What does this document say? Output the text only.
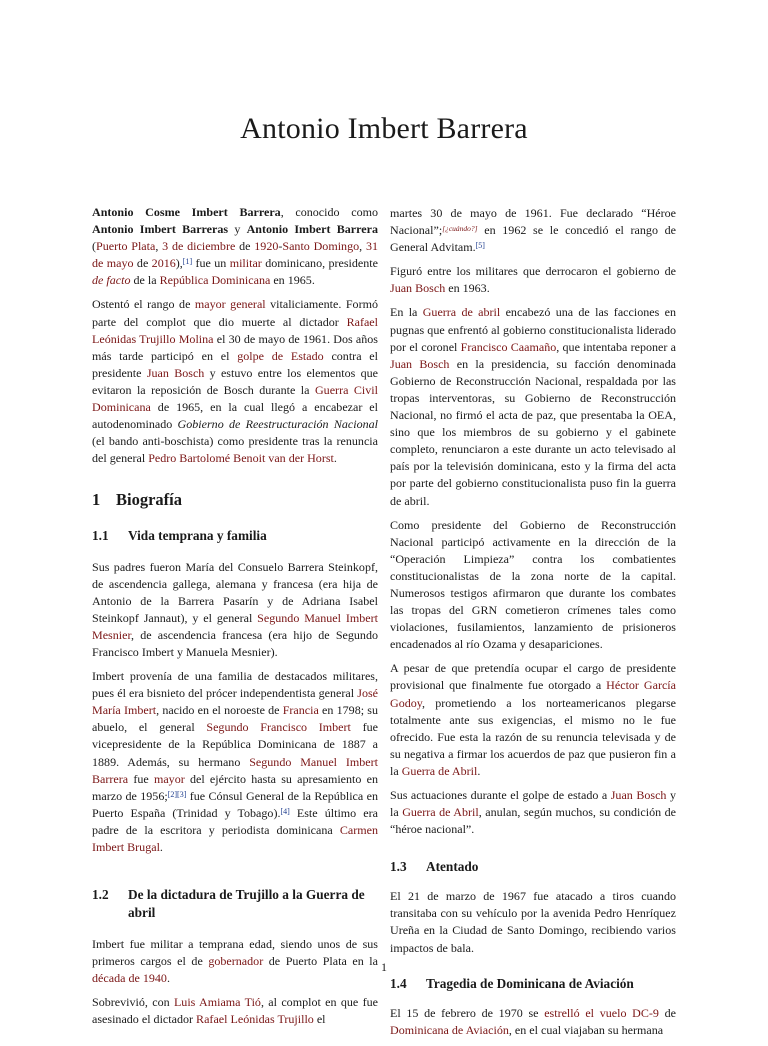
Antonio Imbert Barrera

Antonio Cosme Imbert Barrera, conocido como Antonio Imbert Barreras y Antonio Imbert Barrera (Puerto Plata, 3 de diciembre de 1920-Santo Domingo, 31 de mayo de 2016),[1] fue un militar dominicano, presidente de facto de la República Dominicana en 1965.

Ostentó el rango de mayor general vitaliciamente. Formó parte del complot que dio muerte al dictador Rafael Leónidas Trujillo Molina el 30 de mayo de 1961. Dos años más tarde participó en el golpe de Estado contra el presidente Juan Bosch y estuvo entre los elementos que evitaron la reposición de Bosch durante la Guerra Civil Dominicana de 1965, en la cual llegó a encabezar el autodenominado Gobierno de Reestructuración Nacional (el bando anti-boschista) como presidente tras la renuncia del general Pedro Bartolomé Benoit van der Horst.

1 Biografía
1.1 Vida temprana y familia

Sus padres fueron María del Consuelo Barrera Steinkopf, de ascendencia gallega, alemana y francesa (era hija de Antonio de la Barrera Pasarín y de Adriana Isabel Steinkopf Jannaut), y el general Segundo Manuel Imbert Mesnier, de ascendencia francesa (era hijo de Segundo Francisco Imbert y Manuela Mesnier).

Imbert provenía de una familia de destacados militares, pues él era bisnieto del prócer independentista general José María Imbert, nacido en el noroeste de Francia en 1798; su abuelo, el general Segundo Francisco Imbert fue vicepresidente de la República Dominicana de 1887 a 1889. Además, su hermano Segundo Manuel Imbert Barrera fue mayor del ejército hasta su apresamiento en marzo de 1956;[2][3] fue Cónsul General de la República en Puerto España (Trinidad y Tobago).[4] Este último era padre de la escritora y periodista dominicana Carmen Imbert Brugal.

1.2 De la dictadura de Trujillo a la Guerra de abril

Imbert fue militar a temprana edad, siendo unos de sus primeros cargos el de gobernador de Puerto Plata en la década de 1940.

Sobrevivió, con Luis Amiama Tió, al complot en que fue asesinado el dictador Rafael Leónidas Trujillo el

martes 30 de mayo de 1961. Fue declarado “Héroe Nacional”;[¿cuándo?] en 1962 se le concedió el rango de General Advitam.[5]

Figuró entre los militares que derrocaron el gobierno de Juan Bosch en 1963.

En la Guerra de abril encabezó una de las facciones en pugnas que enfrentó al gobierno constitucionalista liderado por el coronel Francisco Caamaño, que intentaba reponer a Juan Bosch en la presidencia, su facción denominada Gobierno de Reconstrucción Nacional, respaldada por las tropas interventoras, su Gobierno de Reconstrucción Nacional, no firmó el acta de paz, que presentaba la OEA, sino que los miembros de su gobierno y el gabinete completo, renunciaron a este durante un acto televisado al país por la televisión dominicana, esto y la firma del acta por parte del gobierno constitucionalista puso fin la guerra de abril.

Como presidente del Gobierno de Reconstrucción Nacional participó activamente en la dirección de la “Operación Limpieza” contra los combatientes constitucionalistas de la zona norte de la capital. Numerosos testigos afirmaron que durante los combates las tropas del GRN cometieron crímenes tales como violaciones, fusilamientos, lanzamiento de prisioneros encadenados al río Ozama y desapariciones.

A pesar de que pretendía ocupar el cargo de presidente provisional que finalmente fue otorgado a Héctor García Godoy, prometiendo a los norteamericanos plegarse totalmente ante sus exigencias, el mismo no le fue ofrecido. Fue esta la razón de su renuncia televisada y de su negativa a firmar los acuerdos de paz que pusieron fin a la Guerra de Abril.

Sus actuaciones durante el golpe de estado a Juan Bosch y la Guerra de Abril, anulan, según muchos, su condición de “héroe nacional”.

1.3 Atentado

El 21 de marzo de 1967 fue atacado a tiros cuando transitaba con su vehículo por la avenida Pedro Henríquez Ureña en la Ciudad de Santo Domingo, recibiendo varios impactos de bala.

1.4 Tragedia de Dominicana de Aviación

El 15 de febrero de 1970 se estrelló el vuelo DC-9 de Dominicana de Aviación, en el cual viajaban su hermana

1
